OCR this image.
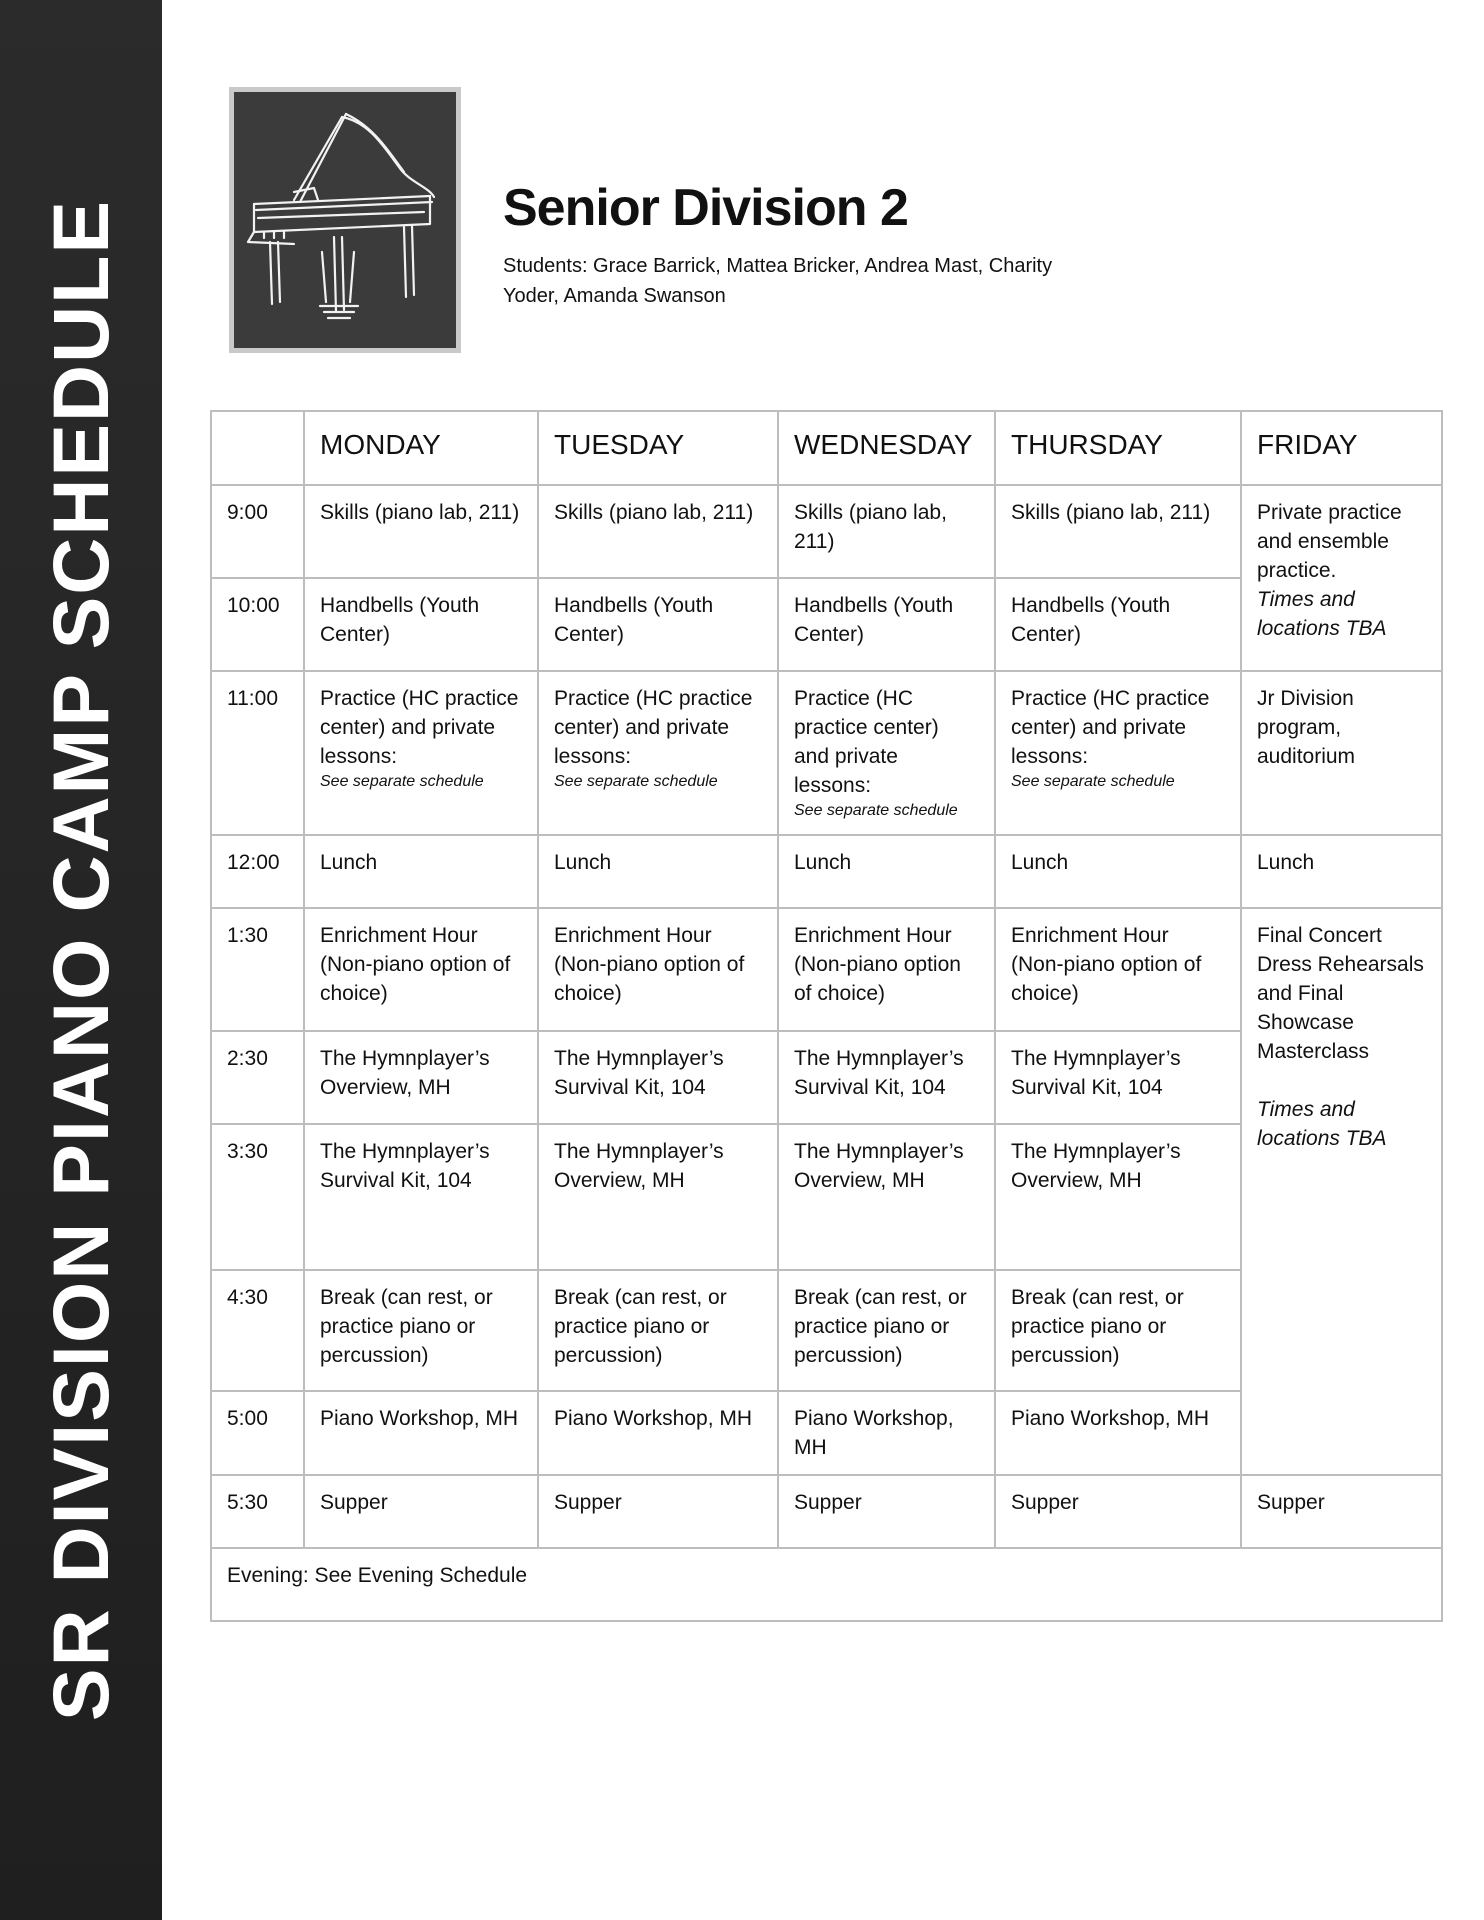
SR DIVISION PIANO CAMP SCHEDULE	Senior Division 2
Students: Grace Barrick, Mattea Bricker, Andrea Mast, Charity Yoder, Amanda Swanson
	MONDAY	TUESDAY	WEDNESDAY	THURSDAY	FRIDAY
9:00	Skills (piano lab, 211)	Skills (piano lab, 211)	Skills (piano lab, 211)	Skills (piano lab, 211)	Private practice and ensemble practice.
Times and locations TBA

10:00	Handbells (Youth Center)	Handbells (Youth Center)	Handbells (Youth Center)	Handbells (Youth Center)	
11:00	Practice (HC practice center) and private lessons:
See separate schedule	Practice (HC practice center) and private lessons:
See separate schedule	Practice (HC practice center) and private lessons:
See separate schedule	Practice (HC practice center) and private lessons:
See separate schedule	Jr Division program, auditorium
12:00	Lunch	Lunch	Lunch	Lunch	Lunch
1:30	Enrichment Hour (Non-piano option of choice)	Enrichment Hour (Non-piano option of choice)	Enrichment Hour (Non-piano option of choice)	Enrichment Hour (Non-piano option of choice)	Final Concert Dress Rehearsals and Final Showcase Masterclass
Times and locations TBA

2:30	The Hymnplayer’s Overview, MH	The Hymnplayer’s Survival Kit, 104	The Hymnplayer’s Survival Kit, 104	The Hymnplayer’s Survival Kit, 104	
3:30	The Hymnplayer’s Survival Kit, 104	The Hymnplayer’s Overview, MH	The Hymnplayer’s Overview, MH	The Hymnplayer’s Overview, MH	
4:30	Break (can rest, or practice piano or percussion)	Break (can rest, or practice piano or percussion)	Break (can rest, or practice piano or percussion)	Break (can rest, or practice piano or percussion)	
5:00	Piano Workshop, MH	Piano Workshop, MH	Piano Workshop, MH	Piano Workshop, MH	
5:30	Supper	Supper	Supper	Supper	Supper
Evening: See Evening Schedule					
